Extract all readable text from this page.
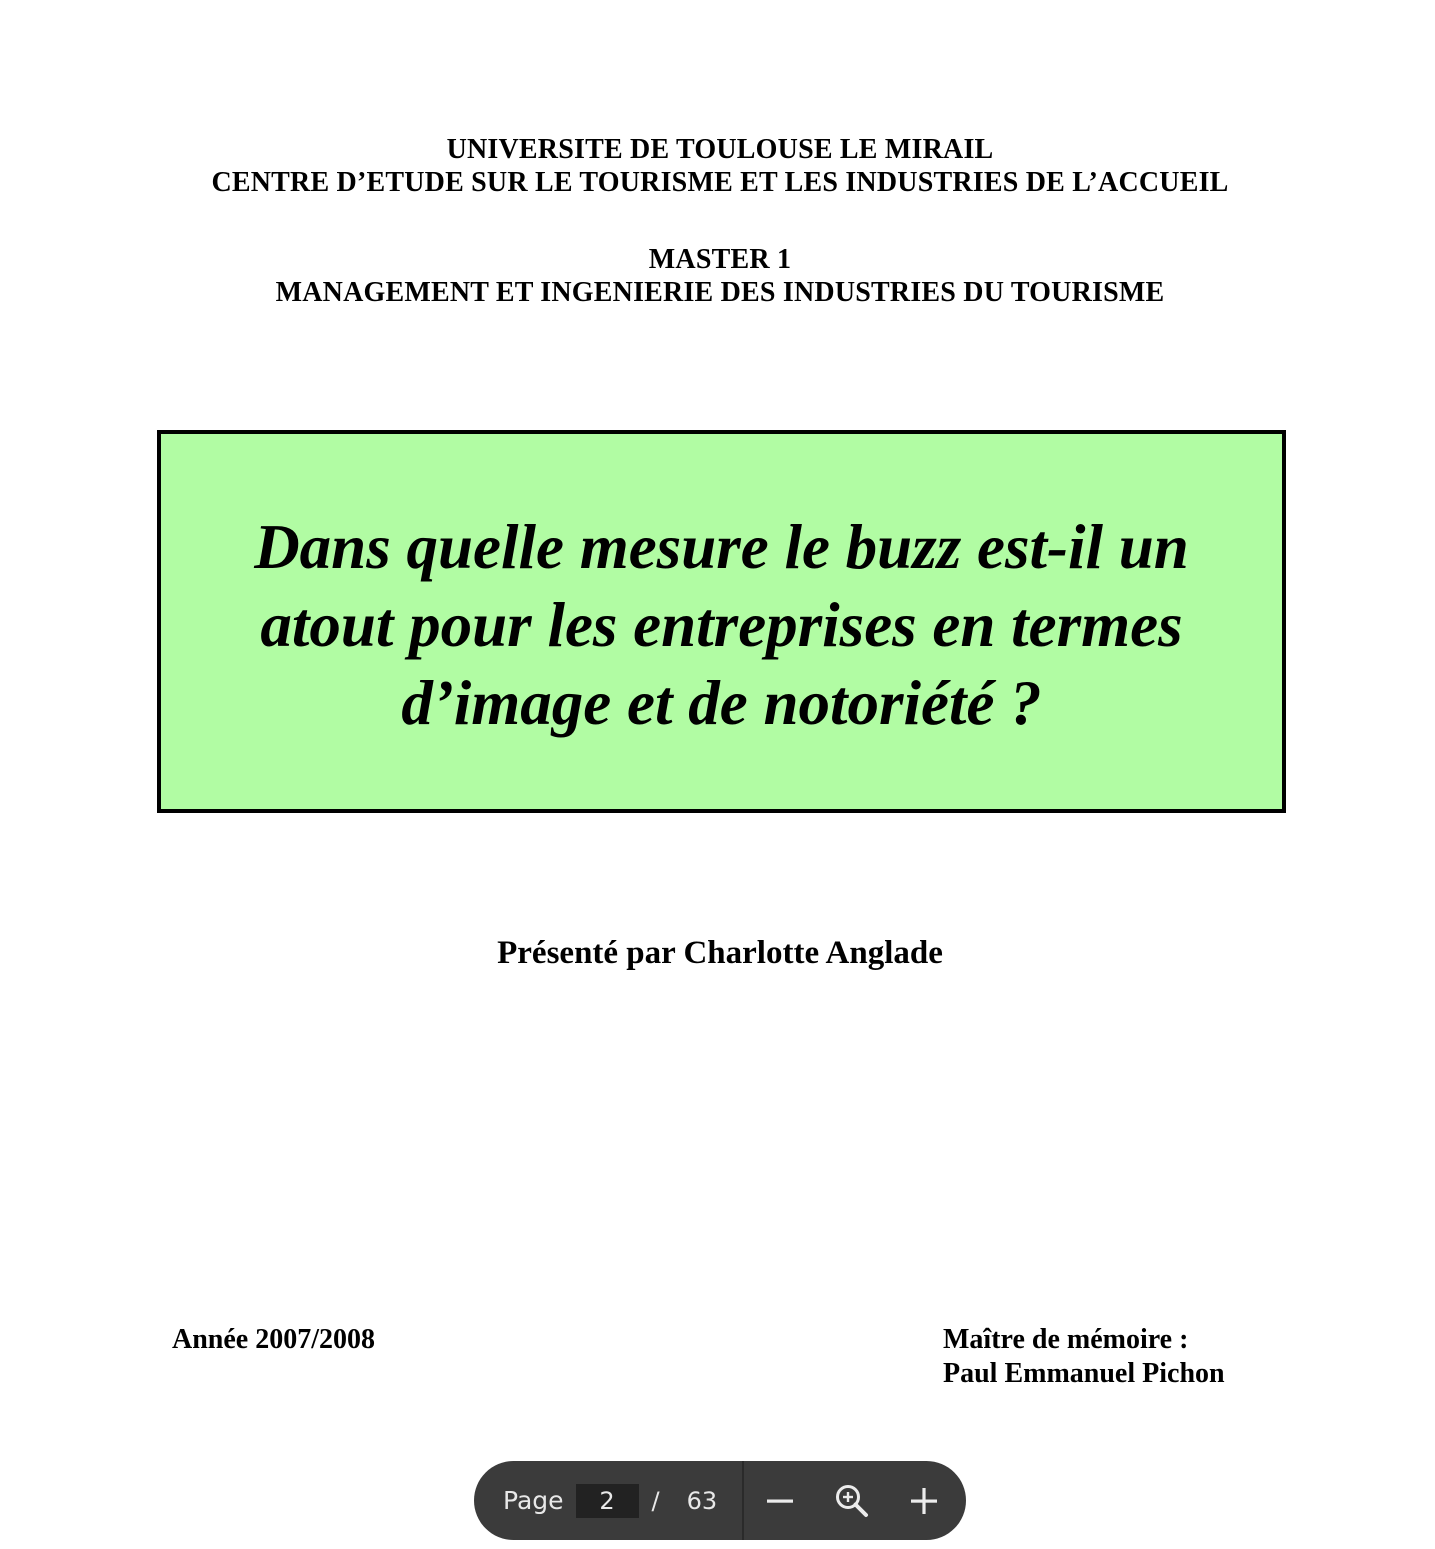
UNIVERSITE DE TOULOUSE LE MIRAIL
CENTRE D’ETUDE SUR LE TOURISME ET LES INDUSTRIES DE L’ACCUEIL
MASTER 1
MANAGEMENT ET INGENIERIE DES INDUSTRIES DU TOURISME
Dans quelle mesure le buzz est-il un
atout pour les entreprises en termes
d’image et de notoriété ?
Présenté par Charlotte Anglade
Année 2007/2008	Maître de mémoire :
Paul Emmanuel Pichon
Page
2	/ 63
